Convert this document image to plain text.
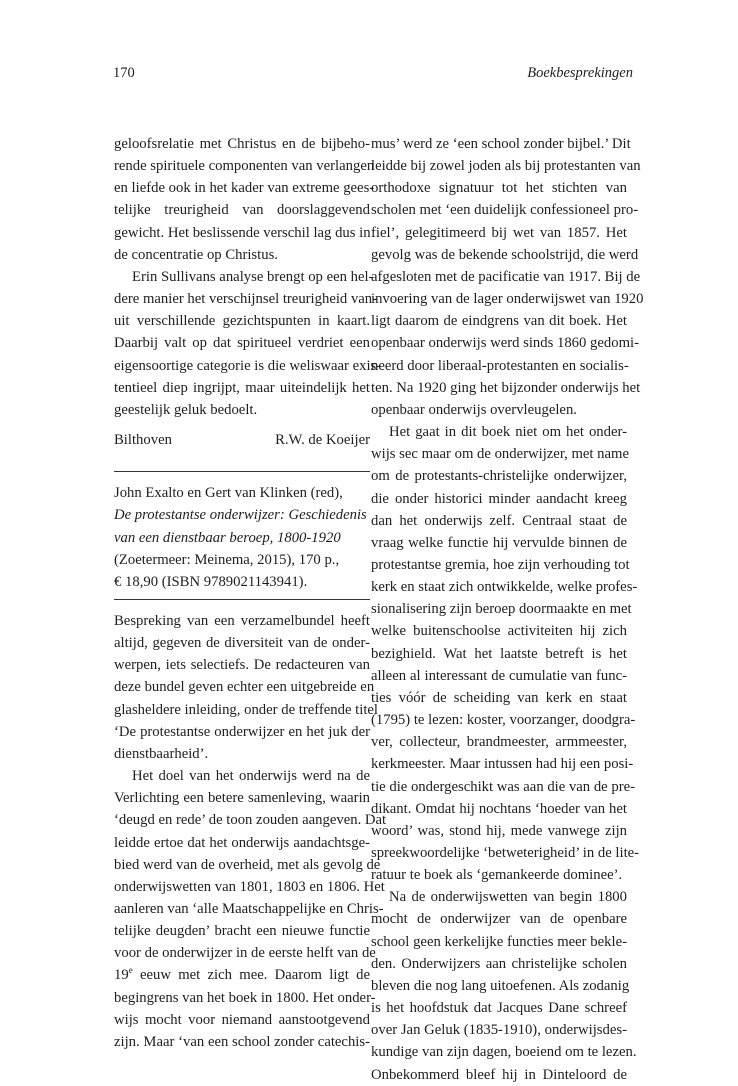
170	Boekbesprekingen

geloofsrelatie met Christus en de bijbeho-
rende spirituele componenten van verlangen
en liefde ook in het kader van extreme gees-
telijke treurigheid van doorslaggevend
gewicht. Het beslissende verschil lag dus in
de concentratie op Christus.

Erin Sullivans analyse brengt op een hel-
dere manier het verschijnsel treurigheid van-
uit verschillende gezichtspunten in kaart.
Daarbij valt op dat spiritueel verdriet een
eigensoortige categorie is die weliswaar exis-
tentieel diep ingrijpt, maar uiteindelijk het
geestelijk geluk bedoelt.

Bilthoven	R.W. de Koeijer
John Exalto en Gert van Klinken (red),
De protestantse onderwijzer: Geschiedenis
van een dienstbaar beroep, 1800-1920
(Zoetermeer: Meinema, 2015), 170 p.,
€ 18,90 (ISBN 9789021143941).

Bespreking van een verzamelbundel heeft
altijd, gegeven de diversiteit van de onder-
werpen, iets selectiefs. De redacteuren van
deze bundel geven echter een uitgebreide en
glasheldere inleiding, onder de treffende titel
‘De protestantse onderwijzer en het juk der
dienstbaarheid’.

Het doel van het onderwijs werd na de
Verlichting een betere samenleving, waarin
‘deugd en rede’ de toon zouden aangeven. Dat
leidde ertoe dat het onderwijs aandachtsge-
bied werd van de overheid, met als gevolg de
onderwijswetten van 1801, 1803 en 1806. Het
aanleren van ‘alle Maatschappelijke en Chris-
telijke deugden’ bracht een nieuwe functie
voor de onderwijzer in de eerste helft van de
19e eeuw met zich mee. Daarom ligt de
begingrens van het boek in 1800. Het onder-
wijs mocht voor niemand aanstootgevend
zijn. Maar ‘van een school zonder catechis-

mus’ werd ze ‘een school zonder bijbel.’ Dit
leidde bij zowel joden als bij protestanten van
orthodoxe signatuur tot het stichten van
scholen met ‘een duidelijk confessioneel pro-
fiel’, gelegitimeerd bij wet van 1857. Het
gevolg was de bekende schoolstrijd, die werd
afgesloten met de pacificatie van 1917. Bij de
invoering van de lager onderwijswet van 1920
ligt daarom de eindgrens van dit boek. Het
openbaar onderwijs werd sinds 1860 gedomi-
neerd door liberaal-protestanten en socialis-
ten. Na 1920 ging het bijzonder onderwijs het
openbaar onderwijs overvleugelen.

Het gaat in dit boek niet om het onder-
wijs sec maar om de onderwijzer, met name
om de protestants-christelijke onderwijzer,
die onder historici minder aandacht kreeg
dan het onderwijs zelf. Centraal staat de
vraag welke functie hij vervulde binnen de
protestantse gremia, hoe zijn verhouding tot
kerk en staat zich ontwikkelde, welke profes-
sionalisering zijn beroep doormaakte en met
welke buitenschoolse activiteiten hij zich
bezighield. Wat het laatste betreft is het
alleen al interessant de cumulatie van func-
ties vóór de scheiding van kerk en staat
(1795) te lezen: koster, voorzanger, doodgra-
ver, collecteur, brandmeester, armmeester,
kerkmeester. Maar intussen had hij een posi-
tie die ondergeschikt was aan die van de pre-
dikant. Omdat hij nochtans ‘hoeder van het
woord’ was, stond hij, mede vanwege zijn
spreekwoordelijke ‘betweterigheid’ in de lite-
ratuur te boek als ‘gemankeerde dominee’.

Na de onderwijswetten van begin 1800
mocht de onderwijzer van de openbare
school geen kerkelijke functies meer bekle-
den. Onderwijzers aan christelijke scholen
bleven die nog lang uitoefenen. Als zodanig
is het hoofdstuk dat Jacques Dane schreef
over Jan Geluk (1835-1910), onderwijsdes-
kundige van zijn dagen, boeiend om te lezen.
Onbekommerd bleef hij in Dinteloord de
